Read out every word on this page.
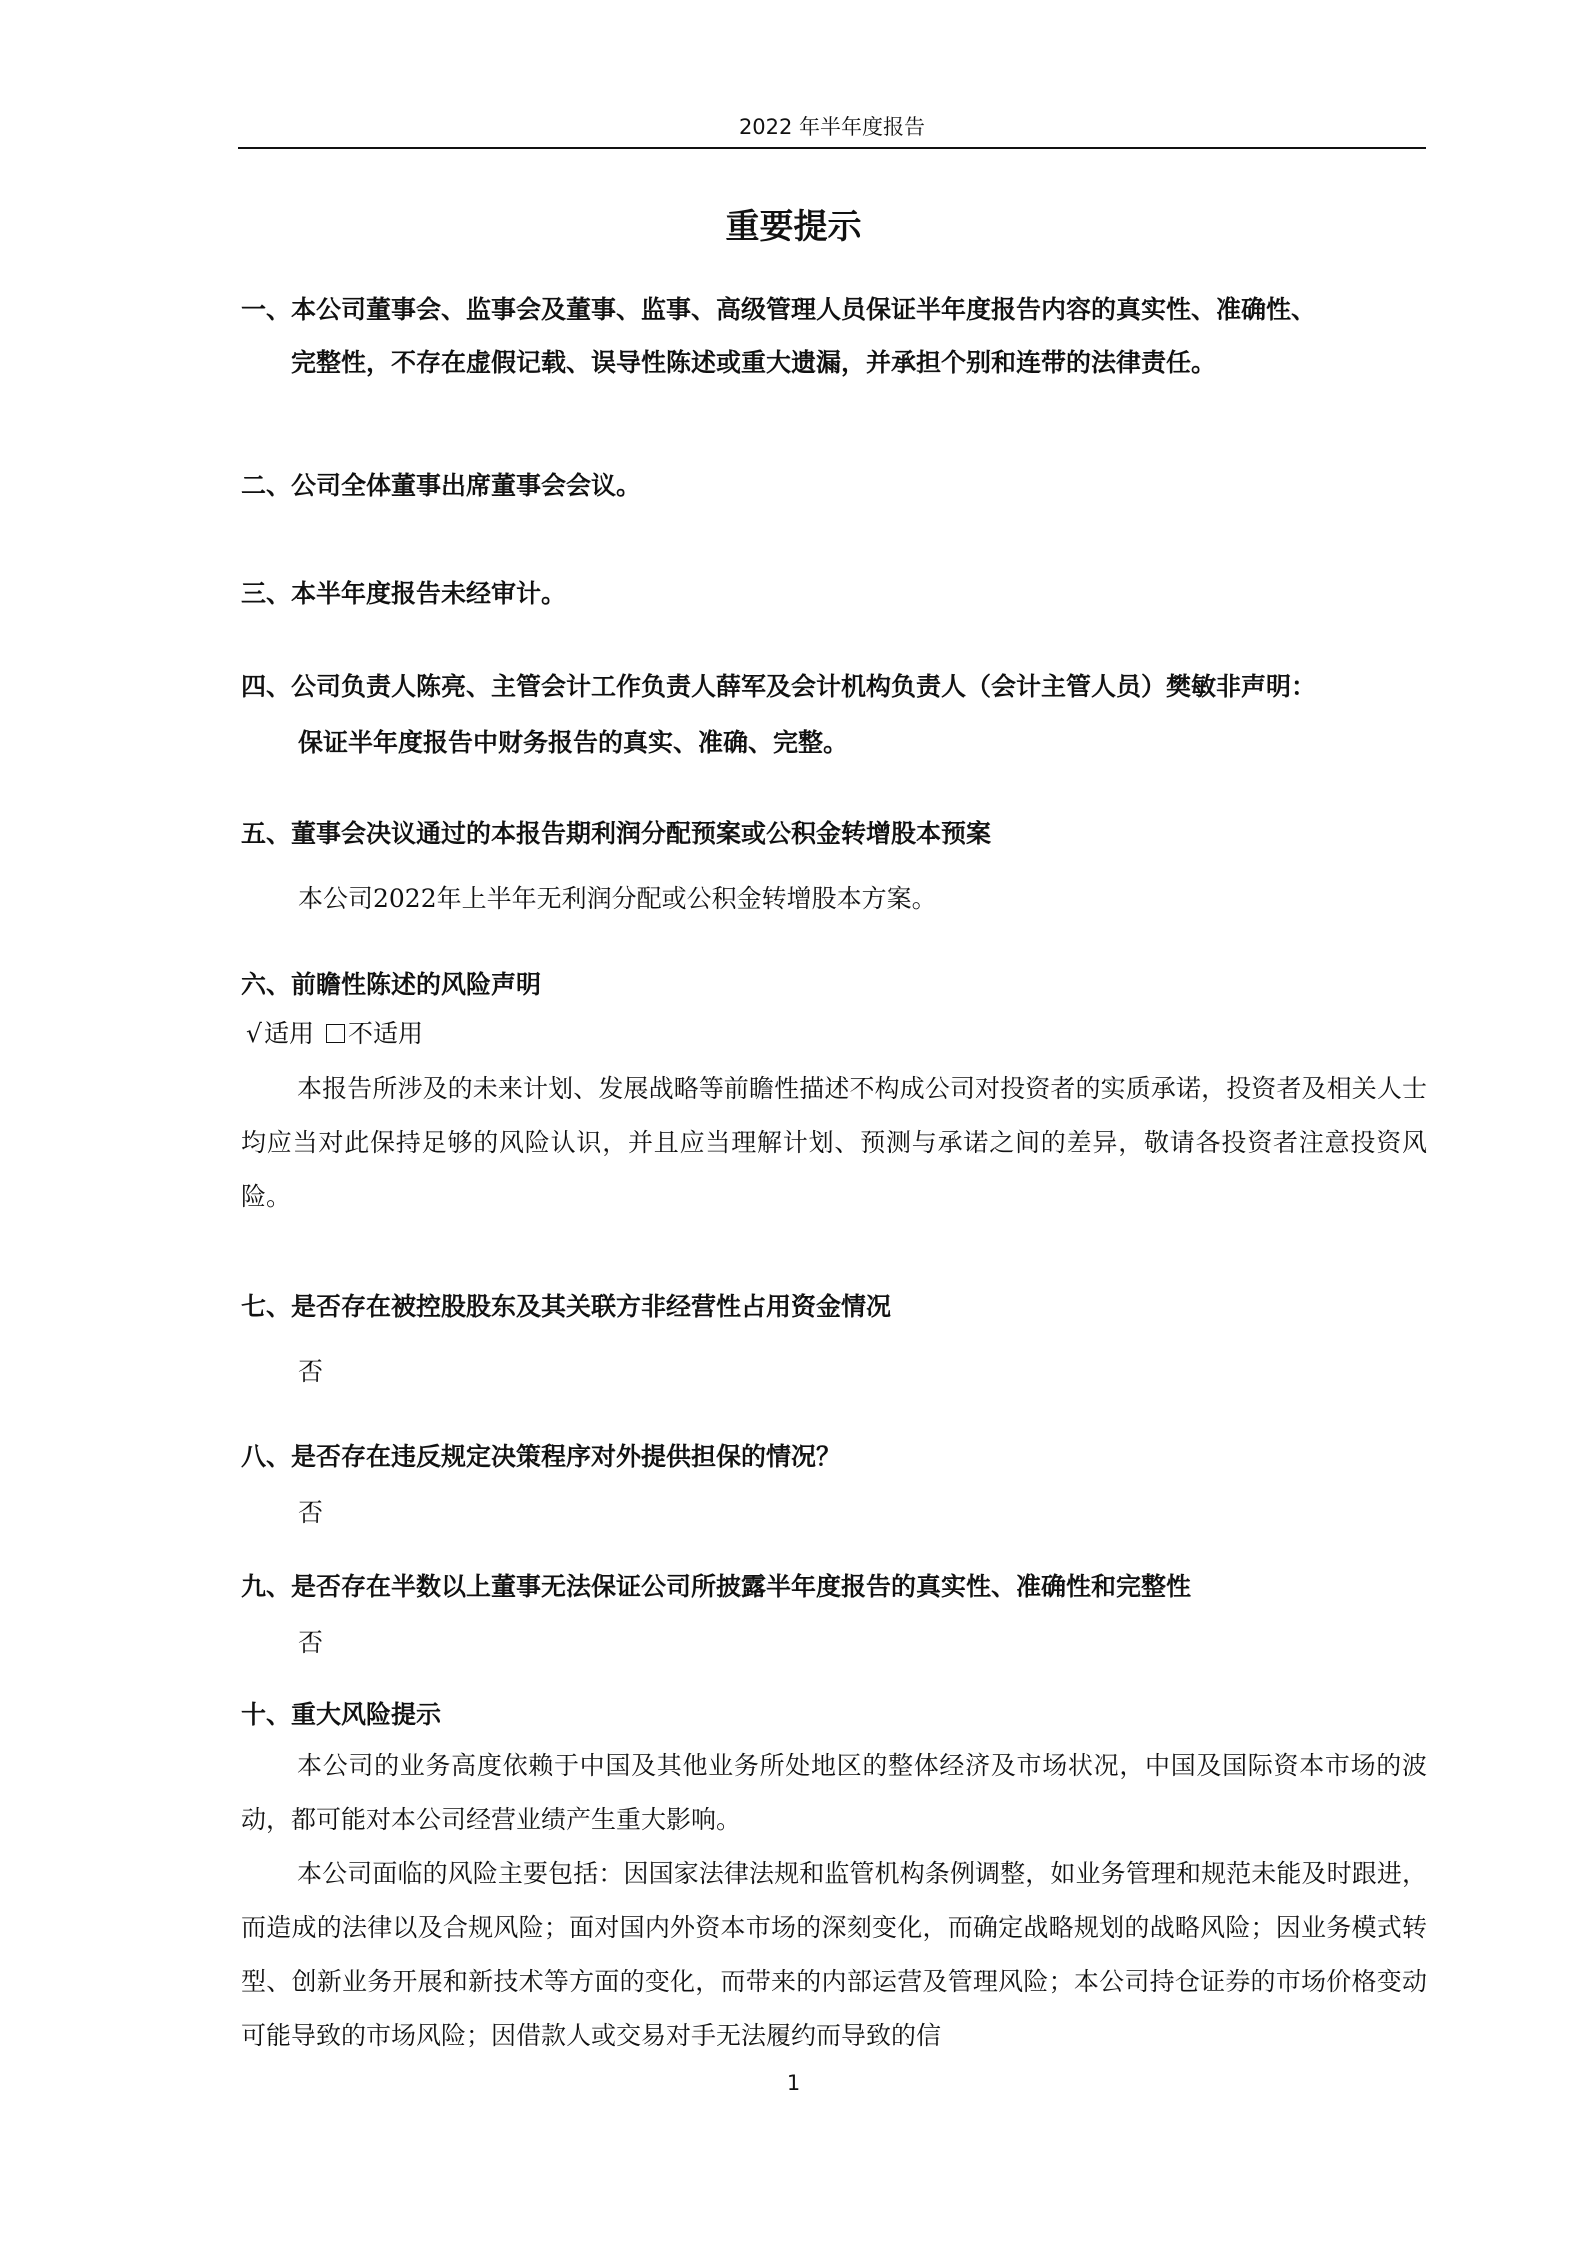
2022 年半年度报告
重要提示
一、本公司董事会、监事会及董事、监事、高级管理人员保证半年度报告内容的真实性、准确性、
完整性，不存在虚假记载、误导性陈述或重大遗漏，并承担个别和连带的法律责任。
二、公司全体董事出席董事会会议。
三、本半年度报告未经审计。
四、公司负责人陈亮、主管会计工作负责人薛军及会计机构负责人（会计主管人员）樊敏非声明：
保证半年度报告中财务报告的真实、准确、完整。
五、董事会决议通过的本报告期利润分配预案或公积金转增股本预案
本公司2022年上半年无利润分配或公积金转增股本方案。
六、前瞻性陈述的风险声明
√适用 不适用
本报告所涉及的未来计划、发展战略等前瞻性描述不构成公司对投资者的实质承诺，投资者及相关人士均应当对此保持足够的风险认识，并且应当理解计划、预测与承诺之间的差异，敬请各投资者注意投资风险。
七、是否存在被控股股东及其关联方非经营性占用资金情况
否
八、是否存在违反规定决策程序对外提供担保的情况？
否
九、是否存在半数以上董事无法保证公司所披露半年度报告的真实性、准确性和完整性
否
十、重大风险提示
本公司的业务高度依赖于中国及其他业务所处地区的整体经济及市场状况，中国及国际资本市场的波动，都可能对本公司经营业绩产生重大影响。
本公司面临的风险主要包括：因国家法律法规和监管机构条例调整，如业务管理和规范未能及时跟进，而造成的法律以及合规风险；面对国内外资本市场的深刻变化，而确定战略规划的战略风险；因业务模式转型、创新业务开展和新技术等方面的变化，而带来的内部运营及管理风险；本公司持仓证券的市场价格变动可能导致的市场风险；因借款人或交易对手无法履约而导致的信
1
